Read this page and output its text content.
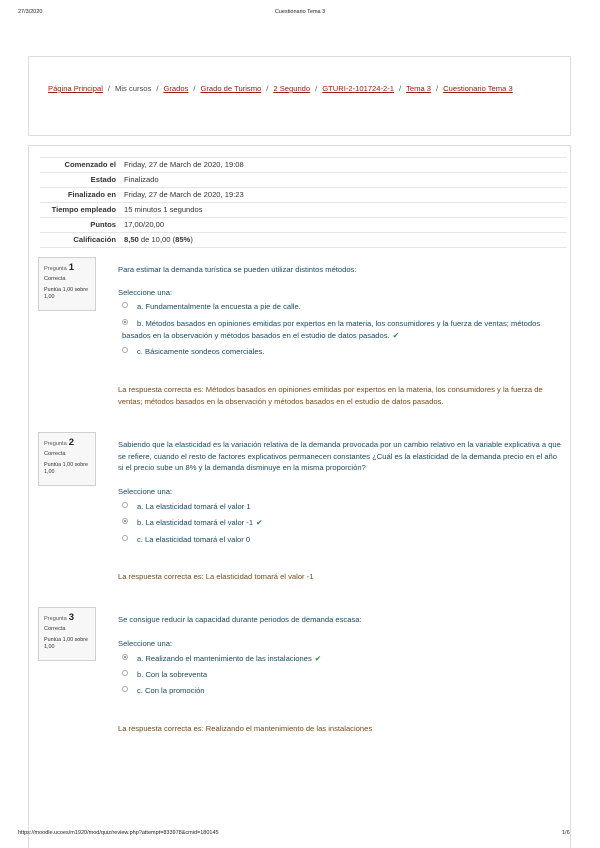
27/3/2020	Cuestionario Tema 3
Página Principal / Mis cursos / Grados / Grado de Turismo / 2 Segundo / GTURI-2-101724-2-1 / Tema 3 / Cuestionario Tema 3
Comenzado el	Friday, 27 de March de 2020, 19:08
Estado	Finalizado
Finalizado en	Friday, 27 de March de 2020, 19:23
Tiempo empleado	15 minutos 1 segundos
Puntos	17,00/20,00
Calificación	8,50 de 10,00 (85%)
Pregunta 1
Correcta
Puntúa 1,00 sobre 1,00
Para estimar la demanda turística se pueden utilizar distintos métodos:
Seleccione una:
a. Fundamentalmente la encuesta a pie de calle.
b. Métodos basados en opiniones emitidas por expertos en la materia, los consumidores y la fuerza de ventas; métodos basados en la observación y métodos basados en el estudio de datos pasados. ✔
c. Básicamente sondeos comerciales.
La respuesta correcta es: Métodos basados en opiniones emitidas por expertos en la materia, los consumidores y la fuerza de ventas; métodos basados en la observación y métodos basados en el estudio de datos pasados.
Pregunta 2
Correcta
Puntúa 1,00 sobre 1,00
Sabiendo que la elasticidad es la variación relativa de la demanda provocada por un cambio relativo en la variable explicativa a que se refiere, cuando el resto de factores explicativos permanecen constantes ¿Cuál es la elasticidad de la demanda precio en el año si el precio sube un 8% y la demanda disminuye en la misma proporción?
Seleccione una:
a. La elasticidad tomará el valor 1
b. La elasticidad tomará el valor -1 ✔
c. La elasticidad tomará el valor 0
La respuesta correcta es: La elasticidad tomará el valor -1
Pregunta 3
Correcta
Puntúa 1,00 sobre 1,00
Se consigue reducir la capacidad durante periodos de demanda escasa:
Seleccione una:
a. Realizando el mantenimiento de las instalaciones ✔
b. Con la sobreventa
c. Con la promoción
La respuesta correcta es: Realizando el mantenimiento de las instalaciones
https://moodle.ucoes/m1920/mod/quiz/review.php?attempt=833978&cmid=180145	1/6
